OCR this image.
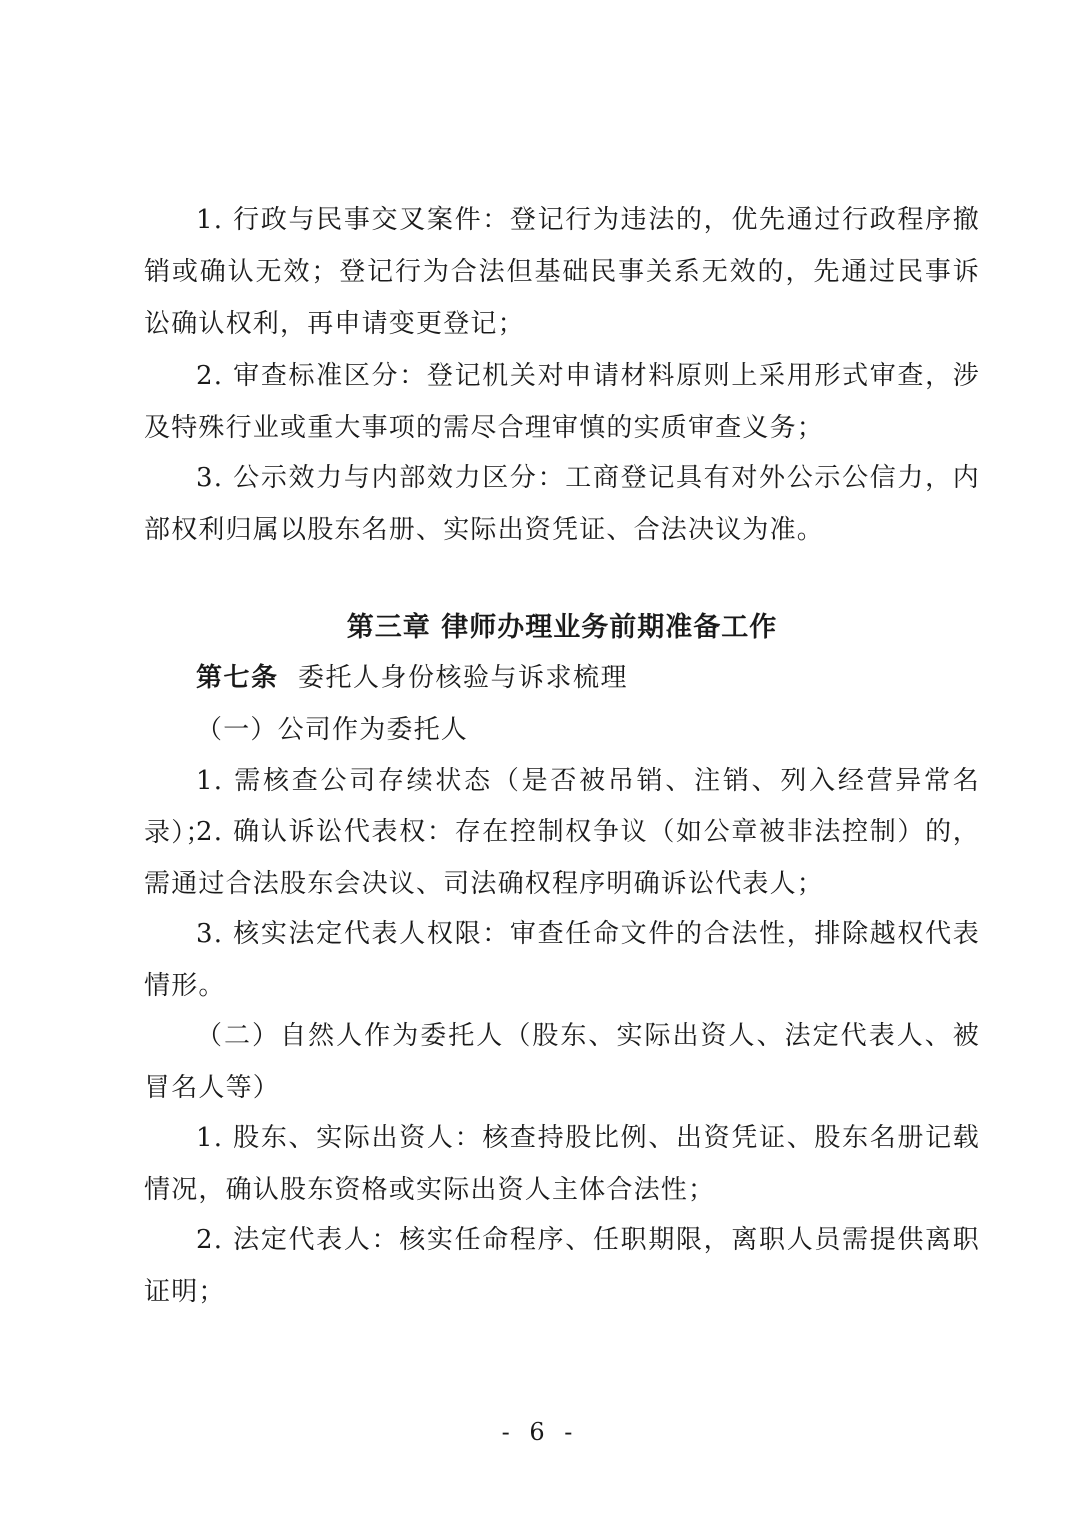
1. 行政与民事交叉案件：登记行为违法的，优先通过行政程序撤销或确认无效；登记行为合法但基础民事关系无效的，先通过民事诉讼确认权利，再申请变更登记；

2. 审查标准区分：登记机关对申请材料原则上采用形式审查，涉及特殊行业或重大事项的需尽合理审慎的实质审查义务；

3. 公示效力与内部效力区分：工商登记具有对外公示公信力，内部权利归属以股东名册、实际出资凭证、合法决议为准。

第三章 律师办理业务前期准备工作

第七条 委托人身份核验与诉求梳理

（一）公司作为委托人

1. 需核查公司存续状态（是否被吊销、注销、列入经营异常名录）；

2. 确认诉讼代表权：存在控制权争议（如公章被非法控制）的，需通过合法股东会决议、司法确权程序明确诉讼代表人；

3. 核实法定代表人权限：审查任命文件的合法性，排除越权代表情形。

（二）自然人作为委托人（股东、实际出资人、法定代表人、被冒名人等）

1. 股东、实际出资人：核查持股比例、出资凭证、股东名册记载情况，确认股东资格或实际出资人主体合法性；

2. 法定代表人：核实任命程序、任职期限，离职人员需提供离职证明；

- 6 -
